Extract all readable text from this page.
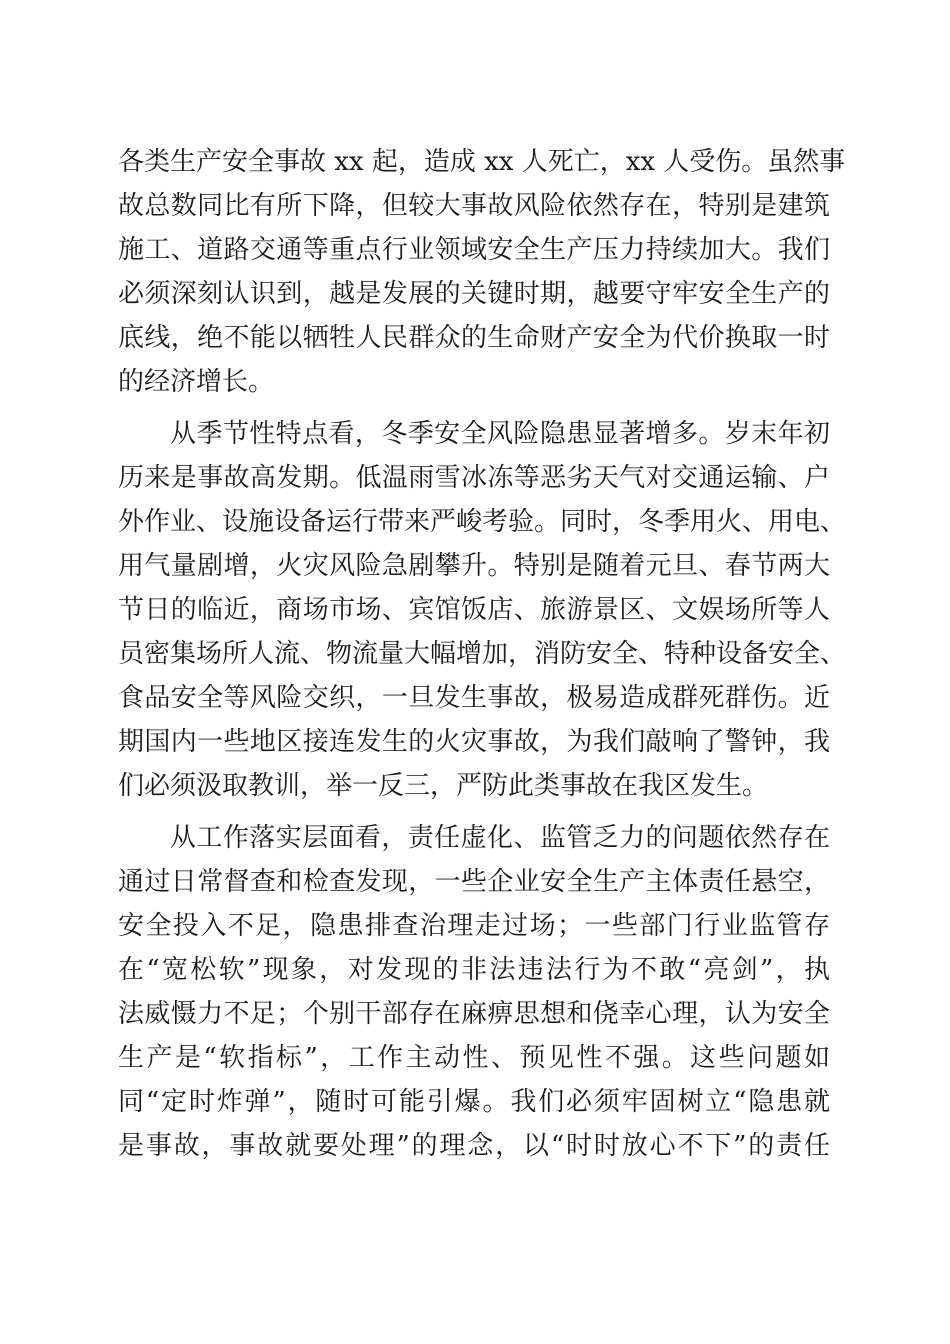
各类生产安全事故 xx 起，造成 xx 人死亡，xx 人受伤。虽然事
故总数同比有所下降，但较大事故风险依然存在，特别是建筑
施工、道路交通等重点行业领域安全生产压力持续加大。我们
必须深刻认识到，越是发展的关键时期，越要守牢安全生产的
底线，绝不能以牺牲人民群众的生命财产安全为代价换取一时
的经济增长。
从季节性特点看，冬季安全风险隐患显著增多。岁末年初
历来是事故高发期。低温雨雪冰冻等恶劣天气对交通运输、户
外作业、设施设备运行带来严峻考验。同时，冬季用火、用电、
用气量剧增，火灾风险急剧攀升。特别是随着元旦、春节两大
节日的临近，商场市场、宾馆饭店、旅游景区、文娱场所等人
员密集场所人流、物流量大幅增加，消防安全、特种设备安全、
食品安全等风险交织，一旦发生事故，极易造成群死群伤。近
期国内一些地区接连发生的火灾事故，为我们敲响了警钟，我
们必须汲取教训，举一反三，严防此类事故在我区发生。
从工作落实层面看，责任虚化、监管乏力的问题依然存在
通过日常督查和检查发现，一些企业安全生产主体责任悬空，
安全投入不足，隐患排查治理走过场；一些部门行业监管存
在“宽松软”现象，对发现的非法违法行为不敢“亮剑”，执
法威慑力不足；个别干部存在麻痹思想和侥幸心理，认为安全
生产是“软指标”，工作主动性、预见性不强。这些问题如
同“定时炸弹”，随时可能引爆。我们必须牢固树立“隐患就
是事故，事故就要处理”的理念，以“时时放心不下”的责任
